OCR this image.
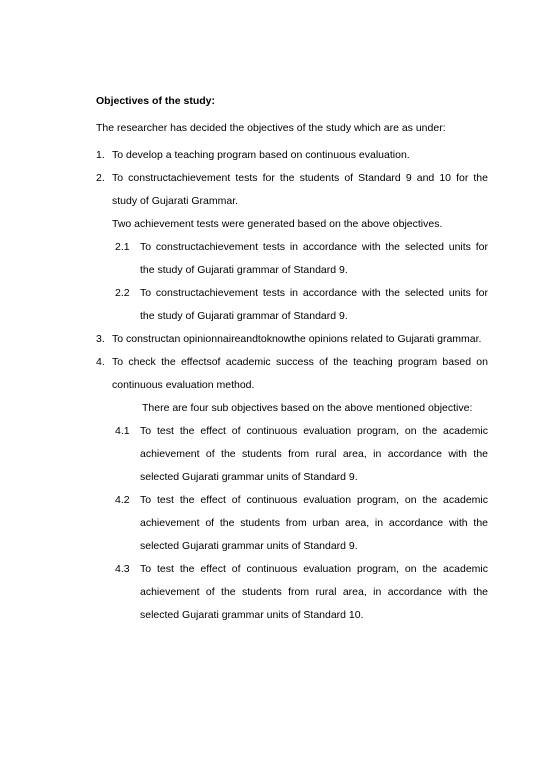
Objectives of the study:

The researcher has decided the objectives of the study which are as under:

1. To develop a teaching program based on continuous evaluation.
2. To constructachievement tests for the students of Standard 9 and 10 for the study of Gujarati Grammar.

Two achievement tests were generated based on the above objectives.

2.1 To constructachievement tests in accordance with the selected units for the study of Gujarati grammar of Standard 9.
2.2 To constructachievement tests in accordance with the selected units for the study of Gujarati grammar of Standard 9.
3. To constructan opinionnaireandtoknowthe opinions related to Gujarati grammar.
4. To check the effectsof academic success of the teaching program based on continuous evaluation method.

There are four sub objectives based on the above mentioned objective:

4.1 To test the effect of continuous evaluation program, on the academic achievement of the students from rural area, in accordance with the selected Gujarati grammar units of Standard 9.
4.2 To test the effect of continuous evaluation program, on the academic achievement of the students from urban area, in accordance with the selected Gujarati grammar units of Standard 9.
4.3 To test the effect of continuous evaluation program, on the academic achievement of the students from rural area, in accordance with the selected Gujarati grammar units of Standard 10.
